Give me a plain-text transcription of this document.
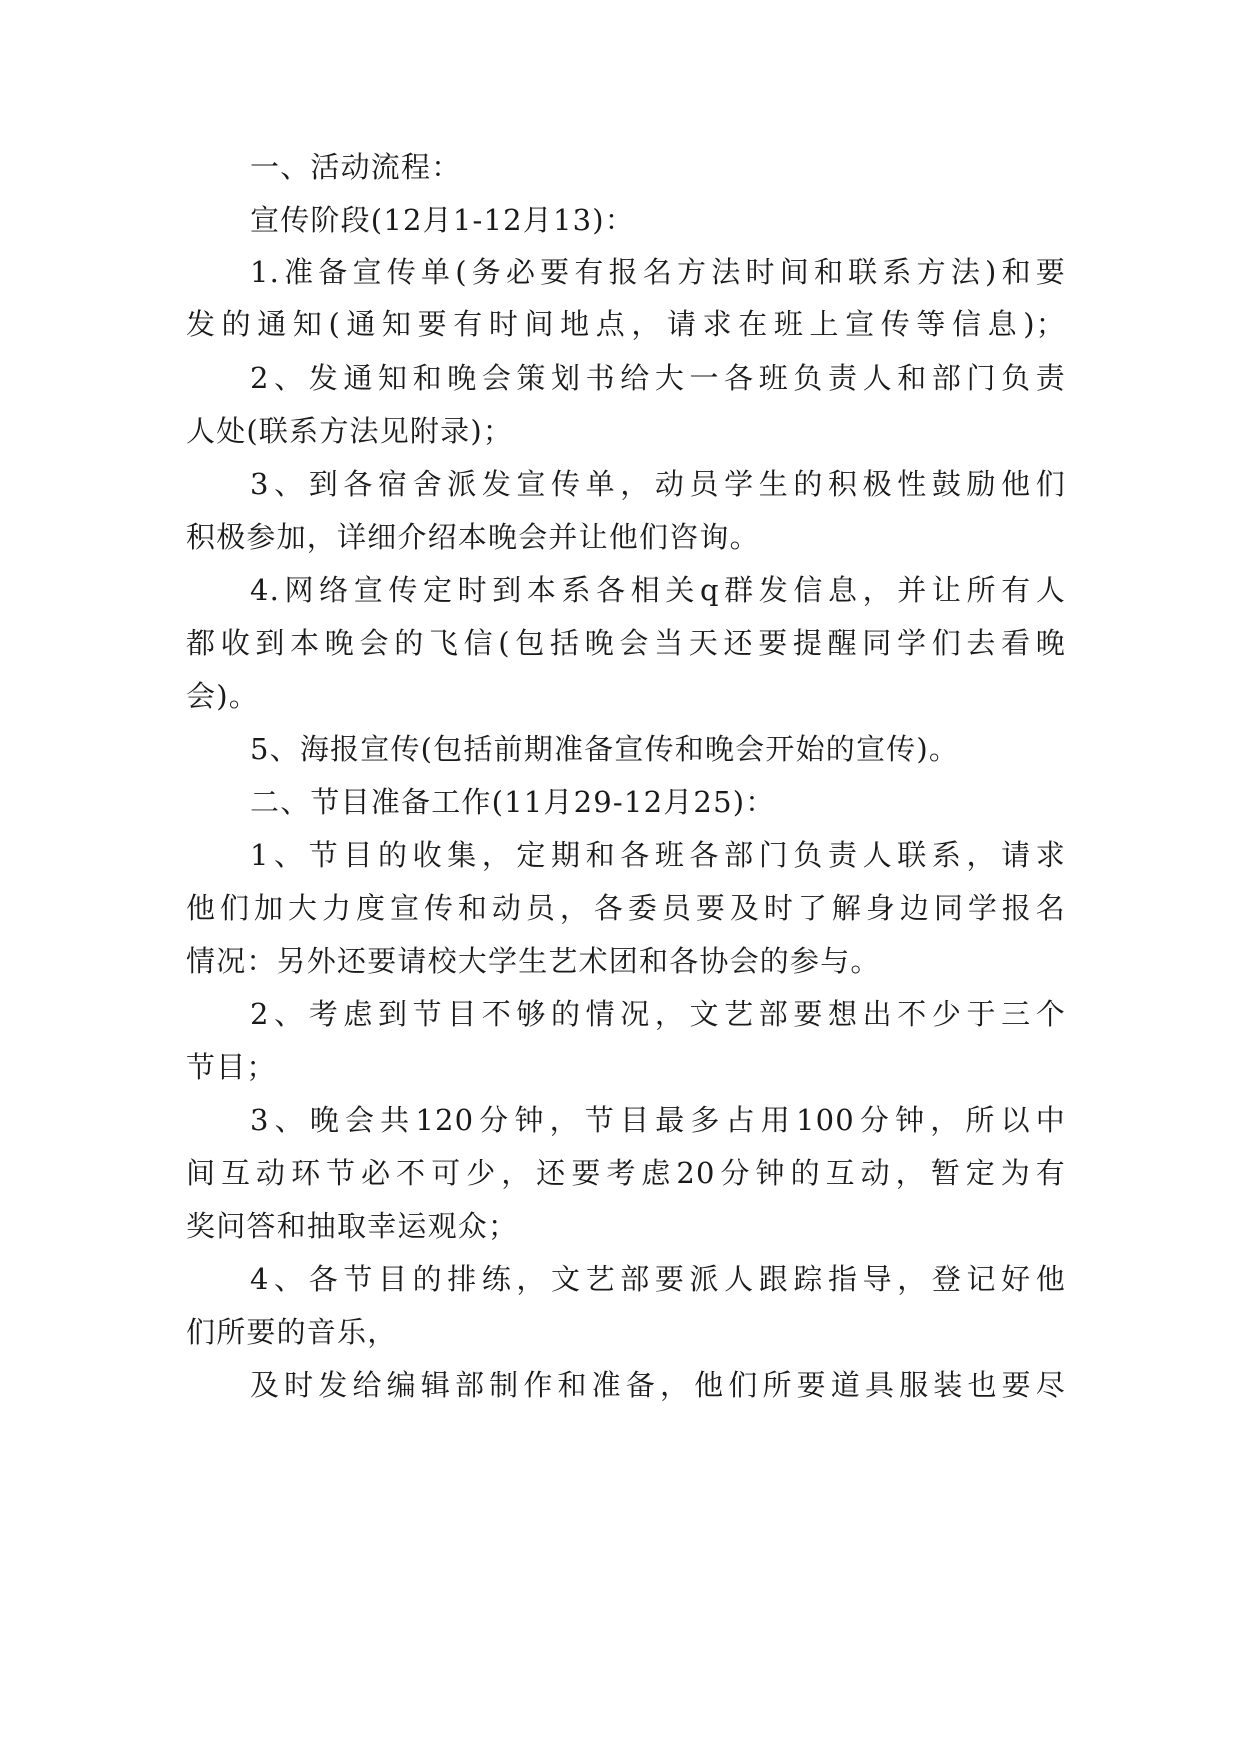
一、活动流程：
宣传阶段(12月1-12月13)：
1.准备宣传单(务必要有报名方法时间和联系方法)和要
发的通知(通知要有时间地点，请求在班上宣传等信息)；
2、发通知和晚会策划书给大一各班负责人和部门负责
人处(联系方法见附录)；
3、到各宿舍派发宣传单，动员学生的积极性鼓励他们
积极参加，详细介绍本晚会并让他们咨询。
4.网络宣传定时到本系各相关q群发信息，并让所有人
都收到本晚会的飞信(包括晚会当天还要提醒同学们去看晚
会)。
5、海报宣传(包括前期准备宣传和晚会开始的宣传)。
二、节目准备工作(11月29-12月25)：
1、节目的收集，定期和各班各部门负责人联系，请求
他们加大力度宣传和动员，各委员要及时了解身边同学报名
情况：另外还要请校大学生艺术团和各协会的参与。
2、考虑到节目不够的情况，文艺部要想出不少于三个
节目；
3、晚会共120分钟，节目最多占用100分钟，所以中
间互动环节必不可少，还要考虑20分钟的互动，暂定为有
奖问答和抽取幸运观众；
4、各节目的排练，文艺部要派人跟踪指导，登记好他
们所要的音乐，
及时发给编辑部制作和准备，他们所要道具服装也要尽
